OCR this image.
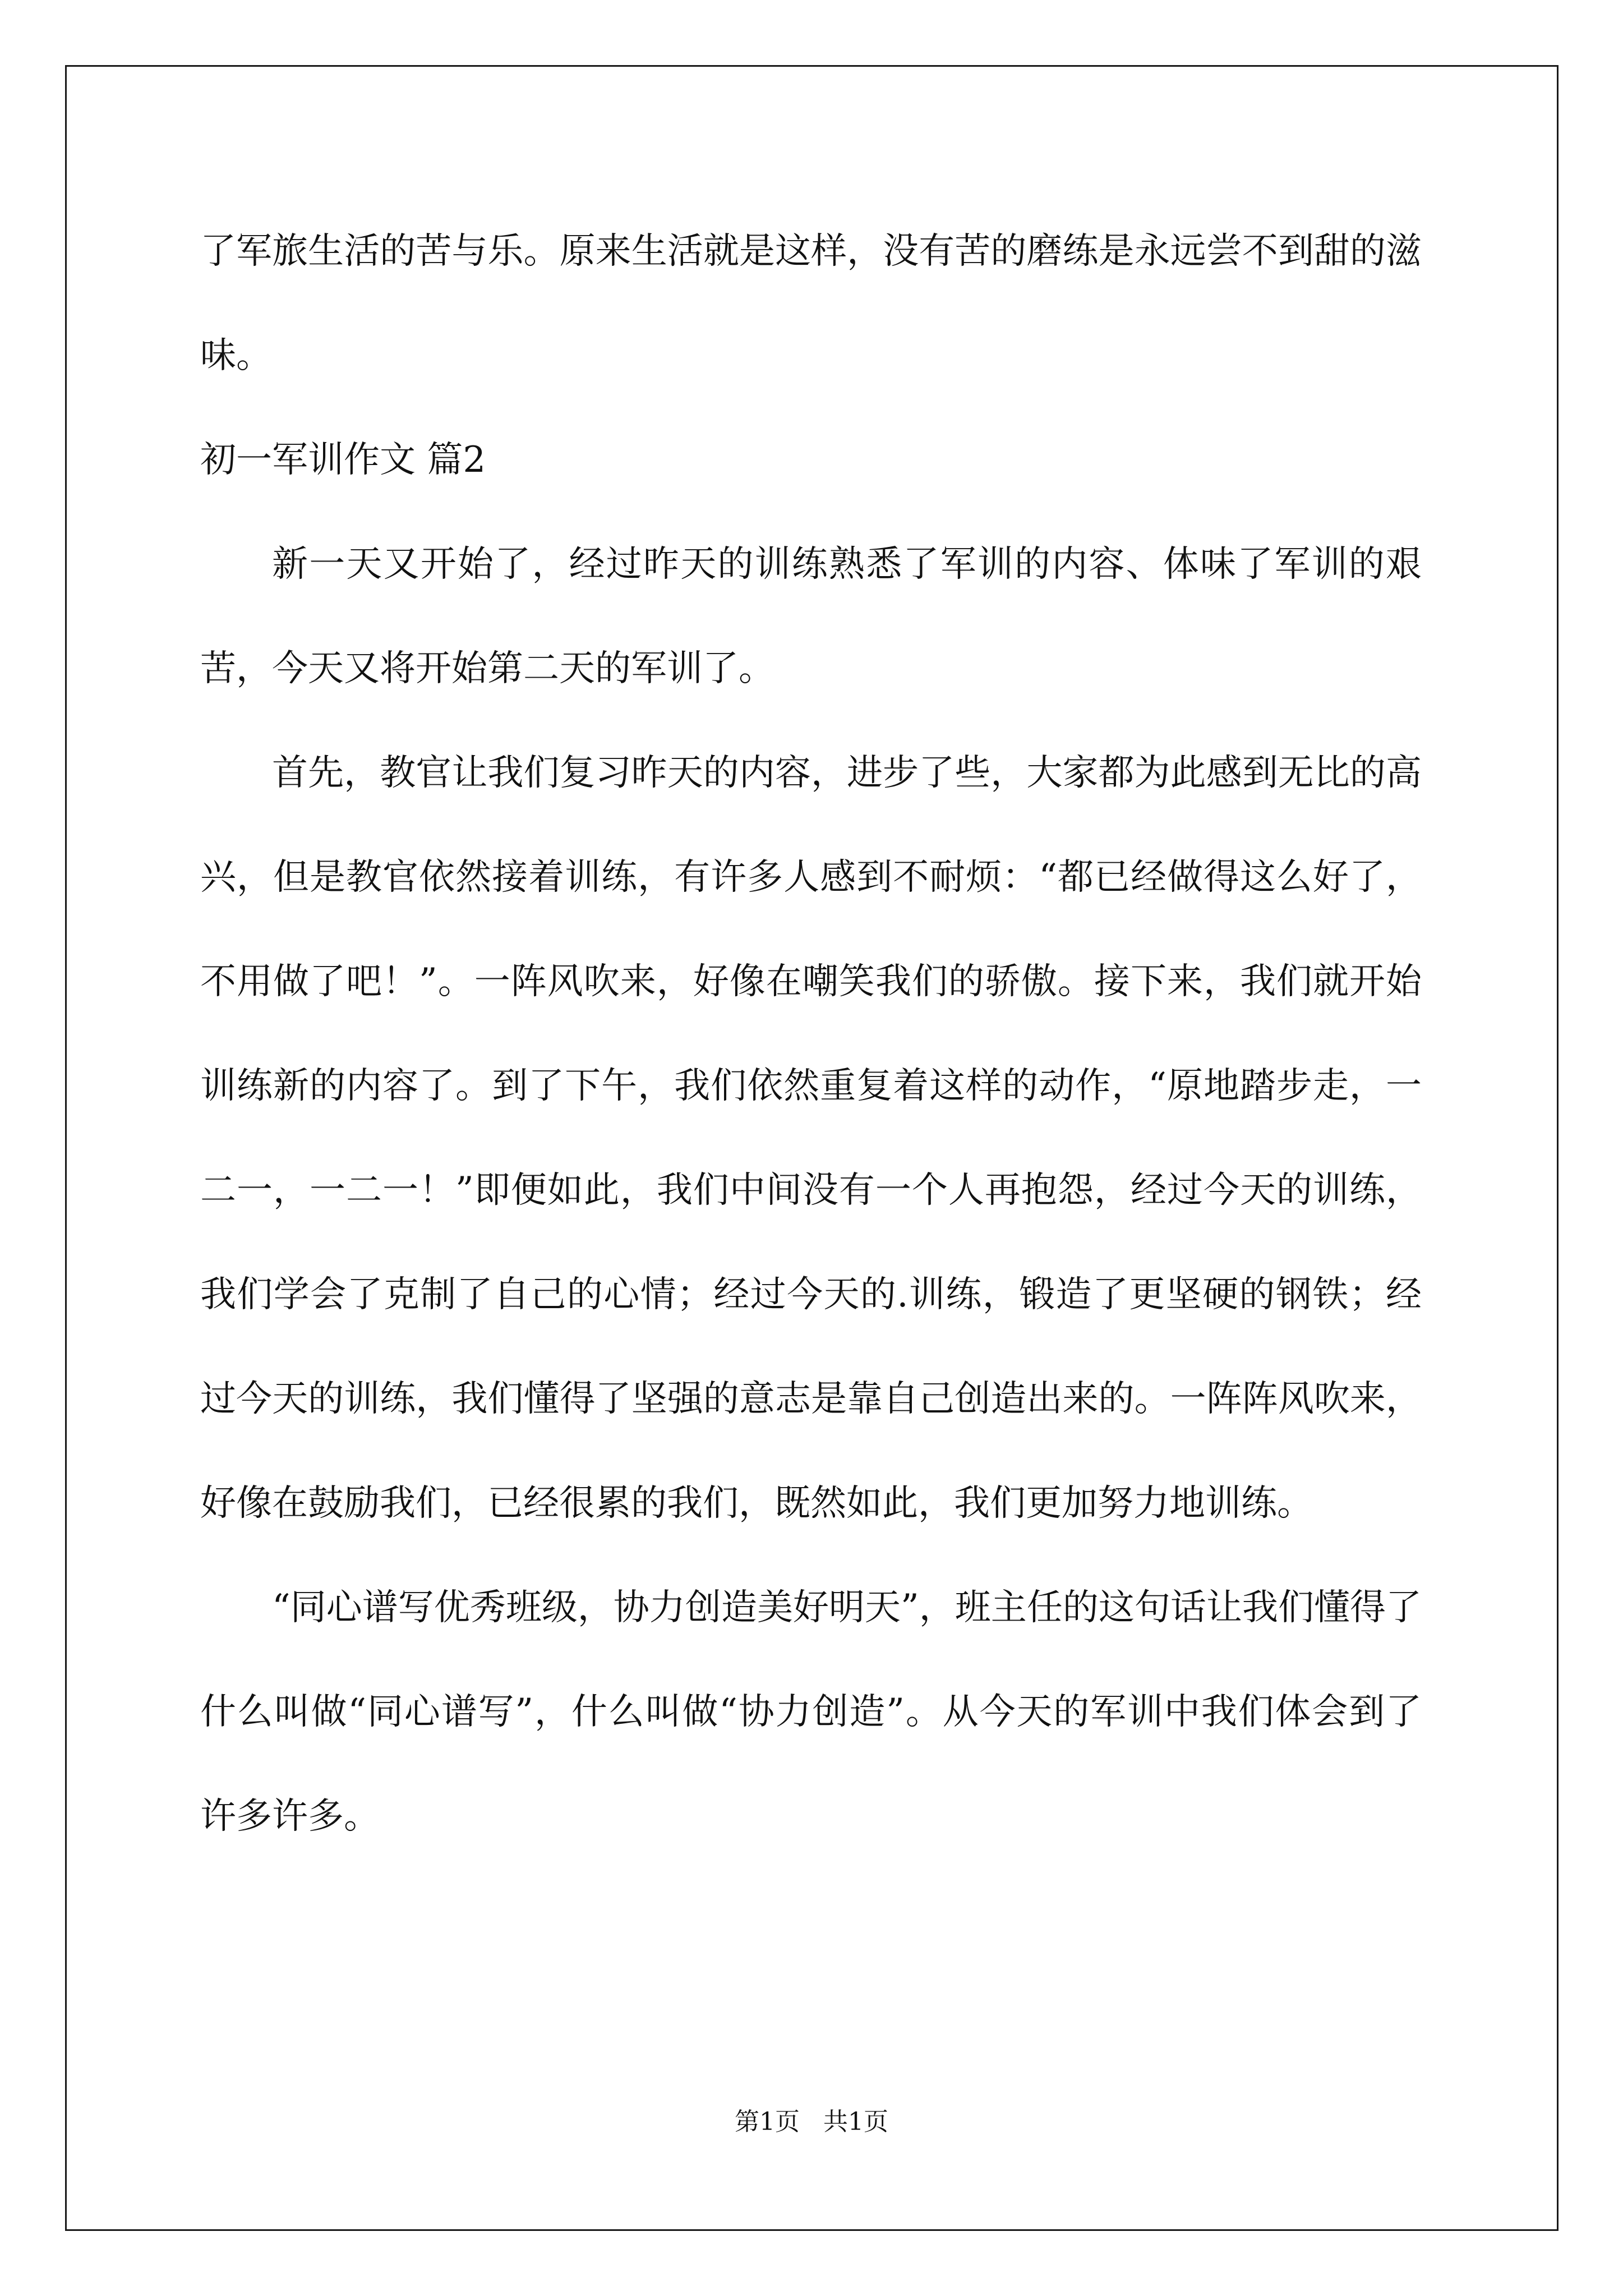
了军旅生活的苦与乐。原来生活就是这样，没有苦的磨练是永远尝不到甜的滋味。

初一军训作文 篇2

新一天又开始了，经过昨天的训练熟悉了军训的内容、体味了军训的艰苦，今天又将开始第二天的军训了。

首先，教官让我们复习昨天的内容，进步了些，大家都为此感到无比的高兴，但是教官依然接着训练，有许多人感到不耐烦：“都已经做得这么好了，不用做了吧！”。一阵风吹来，好像在嘲笑我们的骄傲。接下来，我们就开始训练新的内容了。到了下午，我们依然重复着这样的动作，“原地踏步走，一二一，一二一！”即便如此，我们中间没有一个人再抱怨，经过今天的训练，我们学会了克制了自己的心情；经过今天的.训练，锻造了更坚硬的钢铁；经过今天的训练，我们懂得了坚强的意志是靠自己创造出来的。一阵阵风吹来，好像在鼓励我们，已经很累的我们，既然如此，我们更加努力地训练。

“同心谱写优秀班级，协力创造美好明天”，班主任的这句话让我们懂得了什么叫做“同心谱写”，什么叫做“协力创造”。从今天的军训中我们体会到了许多许多。

第1页   共1页
